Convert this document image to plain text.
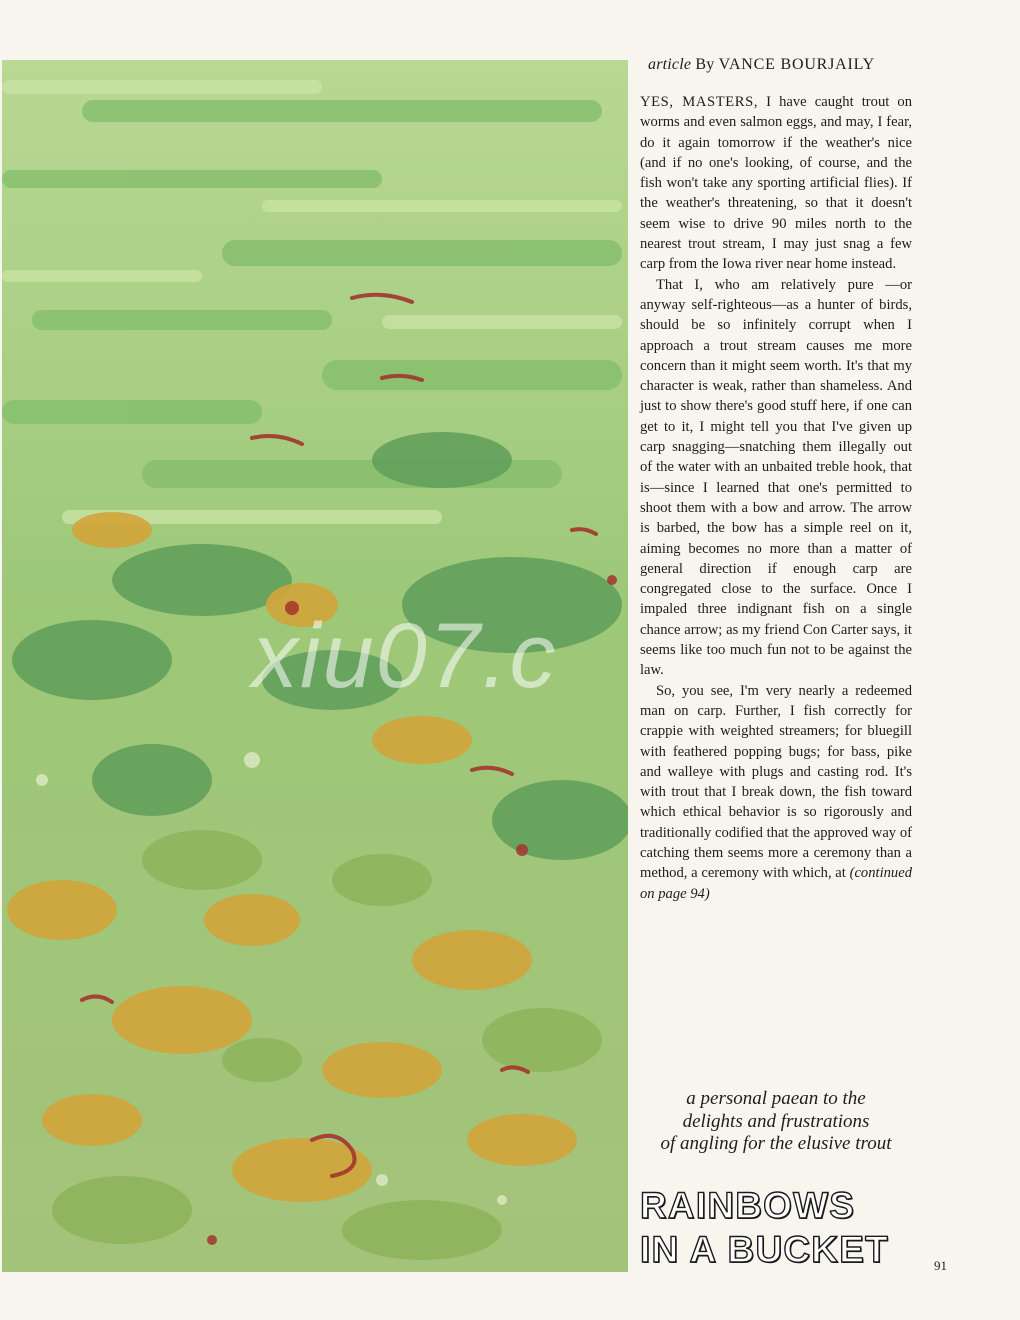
article By VANCE BOURJAILY

YES, MASTERS, I have caught trout on worms and even salmon eggs, and may, I fear, do it again tomorrow if the weather's nice (and if no one's looking, of course, and the fish won't take any sporting artificial flies). If the weather's threatening, so that it doesn't seem wise to drive 90 miles north to the nearest trout stream, I may just snag a few carp from the Iowa river near home instead.

That I, who am relatively pure —or anyway self-righteous—as a hunter of birds, should be so infinitely corrupt when I approach a trout stream causes me more concern than it might seem worth. It's that my character is weak, rather than shameless. And just to show there's good stuff here, if one can get to it, I might tell you that I've given up carp snagging—snatching them illegally out of the water with an unbaited treble hook, that is—since I learned that one's permitted to shoot them with a bow and arrow. The arrow is barbed, the bow has a simple reel on it, aiming becomes no more than a matter of general direction if enough carp are congregated close to the surface. Once I impaled three indignant fish on a single chance arrow; as my friend Con Carter says, it seems like too much fun not to be against the law.

So, you see, I'm very nearly a redeemed man on carp. Further, I fish correctly for crappie with weighted streamers; for bluegill with feathered popping bugs; for bass, pike and walleye with plugs and casting rod. It's with trout that I break down, the fish toward which ethical behavior is so rigorously and traditionally codified that the approved way of catching them seems more a ceremony than a method, a ceremony with which, at (continued on page 94)

a personal paean to the
delights and frustrations
of angling for the elusive trout
RAINBOWS
IN A BUCKET	91
xiu07.c
